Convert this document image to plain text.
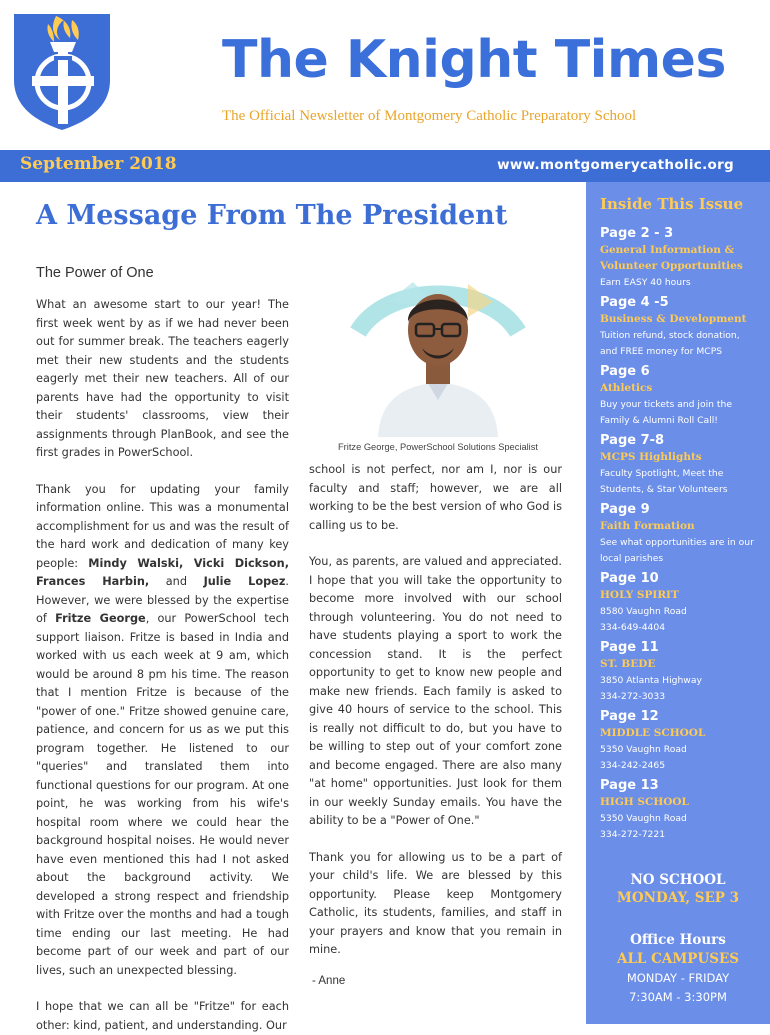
The Knight Times
The Official Newsletter of Montgomery Catholic Preparatory School
September 2018	www.montgomerycatholic.org
A Message From The President
The Power of One

What an awesome start to our year! The first week went by as if we had never been out for summer break. The teachers eagerly met their new students and the students eagerly met their new teachers. All of our parents have had the opportunity to visit their students' classrooms, view their assignments through PlanBook, and see the first grades in PowerSchool.

Thank you for updating your family information online. This was a monumental accomplishment for us and was the result of the hard work and dedication of many key people: Mindy Walski, Vicki Dickson, Frances Harbin, and Julie Lopez. However, we were blessed by the expertise of Fritze George, our PowerSchool tech support liaison. Fritze is based in India and worked with us each week at 9 am, which would be around 8 pm his time. The reason that I mention Fritze is because of the "power of one." Fritze showed genuine care, patience, and concern for us as we put this program together. He listened to our "queries" and translated them into functional questions for our program. At one point, he was working from his wife's hospital room where we could hear the background hospital noises. He would never have even mentioned this had I not asked about the background activity. We developed a strong respect and friendship with Fritze over the months and had a tough time ending our last meeting. He had become part of our week and part of our lives, such an unexpected blessing.

I hope that we can all be "Fritze" for each other: kind, patient, and understanding. Our

Fritze George, PowerSchool Solutions Specialist

school is not perfect, nor am I, nor is our faculty and staff; however, we are all working to be the best version of who God is calling us to be.

You, as parents, are valued and appreciated. I hope that you will take the opportunity to become more involved with our school through volunteering. You do not need to have students playing a sport to work the concession stand. It is the perfect opportunity to get to know new people and make new friends. Each family is asked to give 40 hours of service to the school. This is really not difficult to do, but you have to be willing to step out of your comfort zone and become engaged. There are also many "at home" opportunities. Just look for them in our weekly Sunday emails. You have the ability to be a "Power of One."

Thank you for allowing us to be a part of your child's life. We are blessed by this opportunity. Please keep Montgomery Catholic, its students, families, and staff in your prayers and know that you remain in mine.

- Anne
Inside This Issue
Page 2 - 3
General Information &
Volunteer Opportunities
Earn EASY 40 hours
Page 4 -5
Business & Development
Tuition refund, stock donation,
and FREE money for MCPS
Page 6
Athletics
Buy your tickets and join the
Family & Alumni Roll Call!
Page 7-8
MCPS Highlights
Faculty Spotlight, Meet the
Students, & Star Volunteers
Page 9
Faith Formation
See what opportunities are in our
local parishes
Page 10
HOLY SPIRIT
8580 Vaughn Road
334-649-4404
Page 11
ST. BEDE
3850 Atlanta Highway
334-272-3033
Page 12
MIDDLE SCHOOL
5350 Vaughn Road
334-242-2465
Page 13
HIGH SCHOOL
5350 Vaughn Road
334-272-7221
NO SCHOOL
MONDAY, SEP 3
Office Hours
ALL CAMPUSES
MONDAY - FRIDAY
7:30AM - 3:30PM
